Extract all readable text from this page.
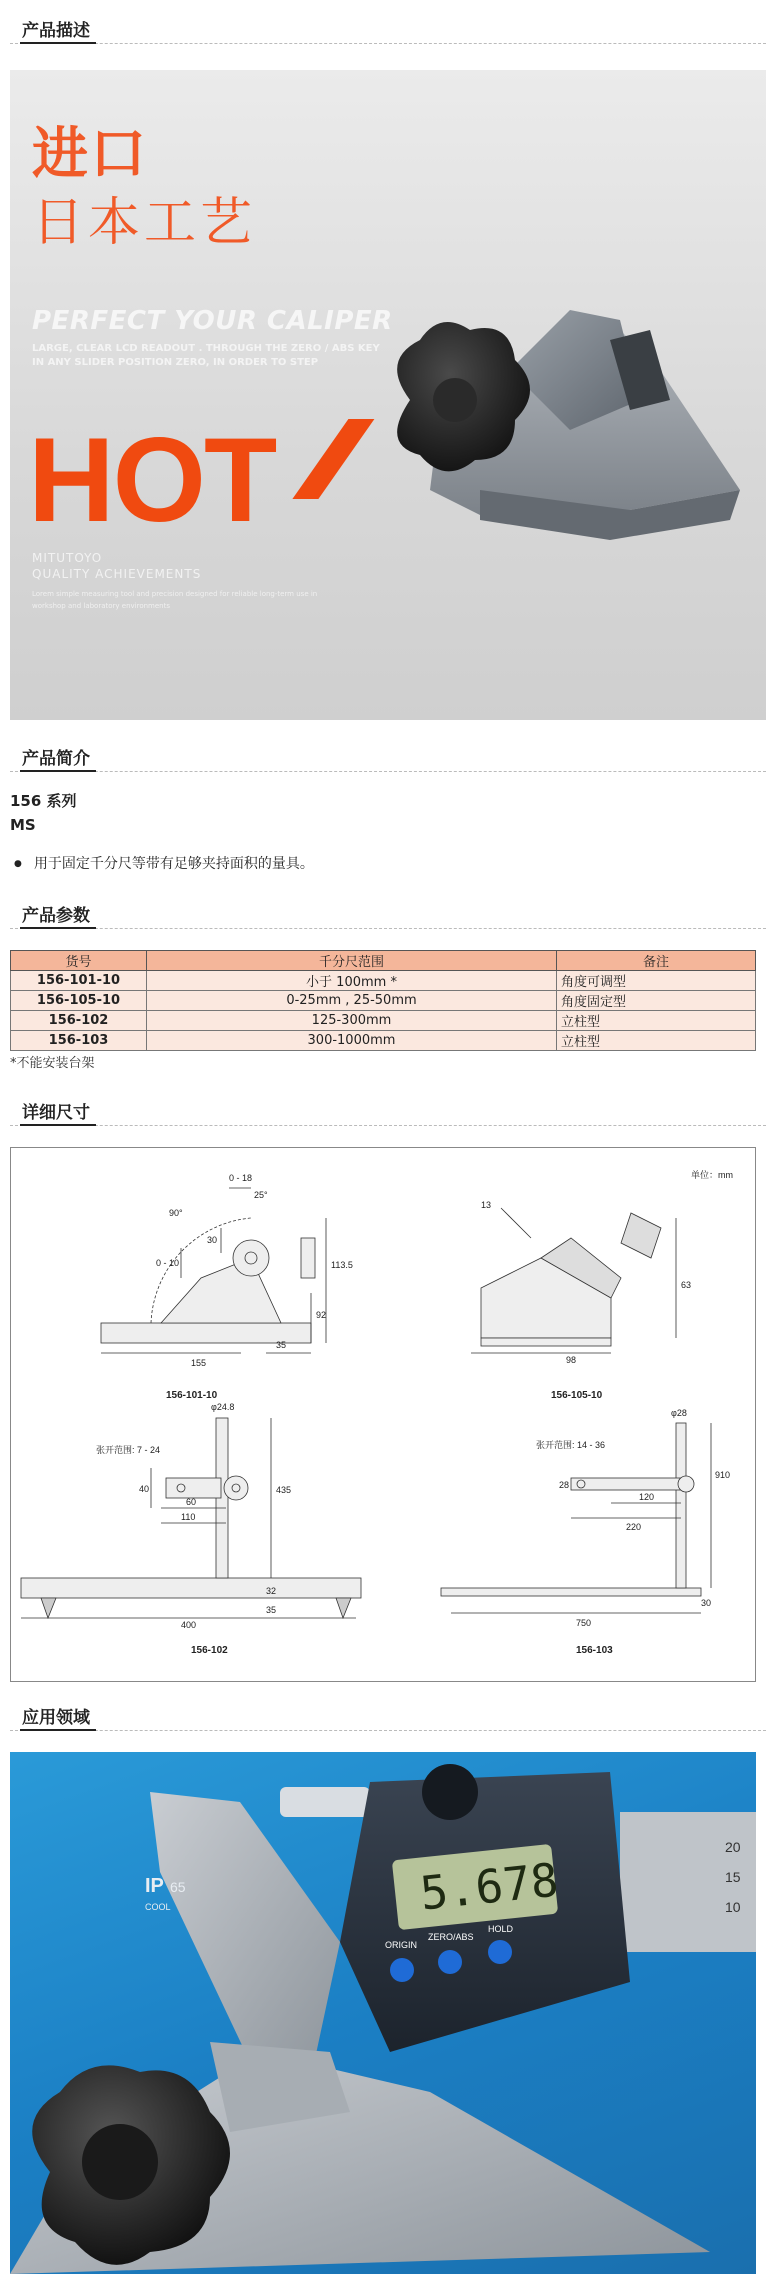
产品描述
进口
日本工艺
PERFECT YOUR CALIPER
LARGE, CLEAR LCD READOUT . THROUGH THE ZERO / ABS KEY IN ANY SLIDER POSITION ZERO, IN ORDER TO STEP
HOT
MITUTOYO
QUALITY ACHIEVEMENTS
Lorem simple measuring tool and precision designed for reliable long-term use in workshop and laboratory environments
产品简介
156 系列
MS
● 用于固定千分尺等带有足够夹持面积的量具。
产品参数
货号	千分尺范围	备注
156-101-10	小于 100mm *	角度可调型
156-105-10	0-25mm , 25-50mm	角度固定型
156-102	125-300mm	立柱型
156-103	300-1000mm	立柱型
*不能安装台架
详细尺寸
单位：mm
0 - 18
25°
90°
30
0 - 10	113.5
92
155
35
156-101-10
13
63
98
156-105-10
φ24.8
张开范围: 7 - 24
40
60
110
435
32
35
400
156-102
φ28
张开范围: 14 - 36
28
120
220
910
30
750
156-103
应用领域
20
15
10
5.678
ORIGIN
ZERO/ABS
HOLD
IP 65
COOL
